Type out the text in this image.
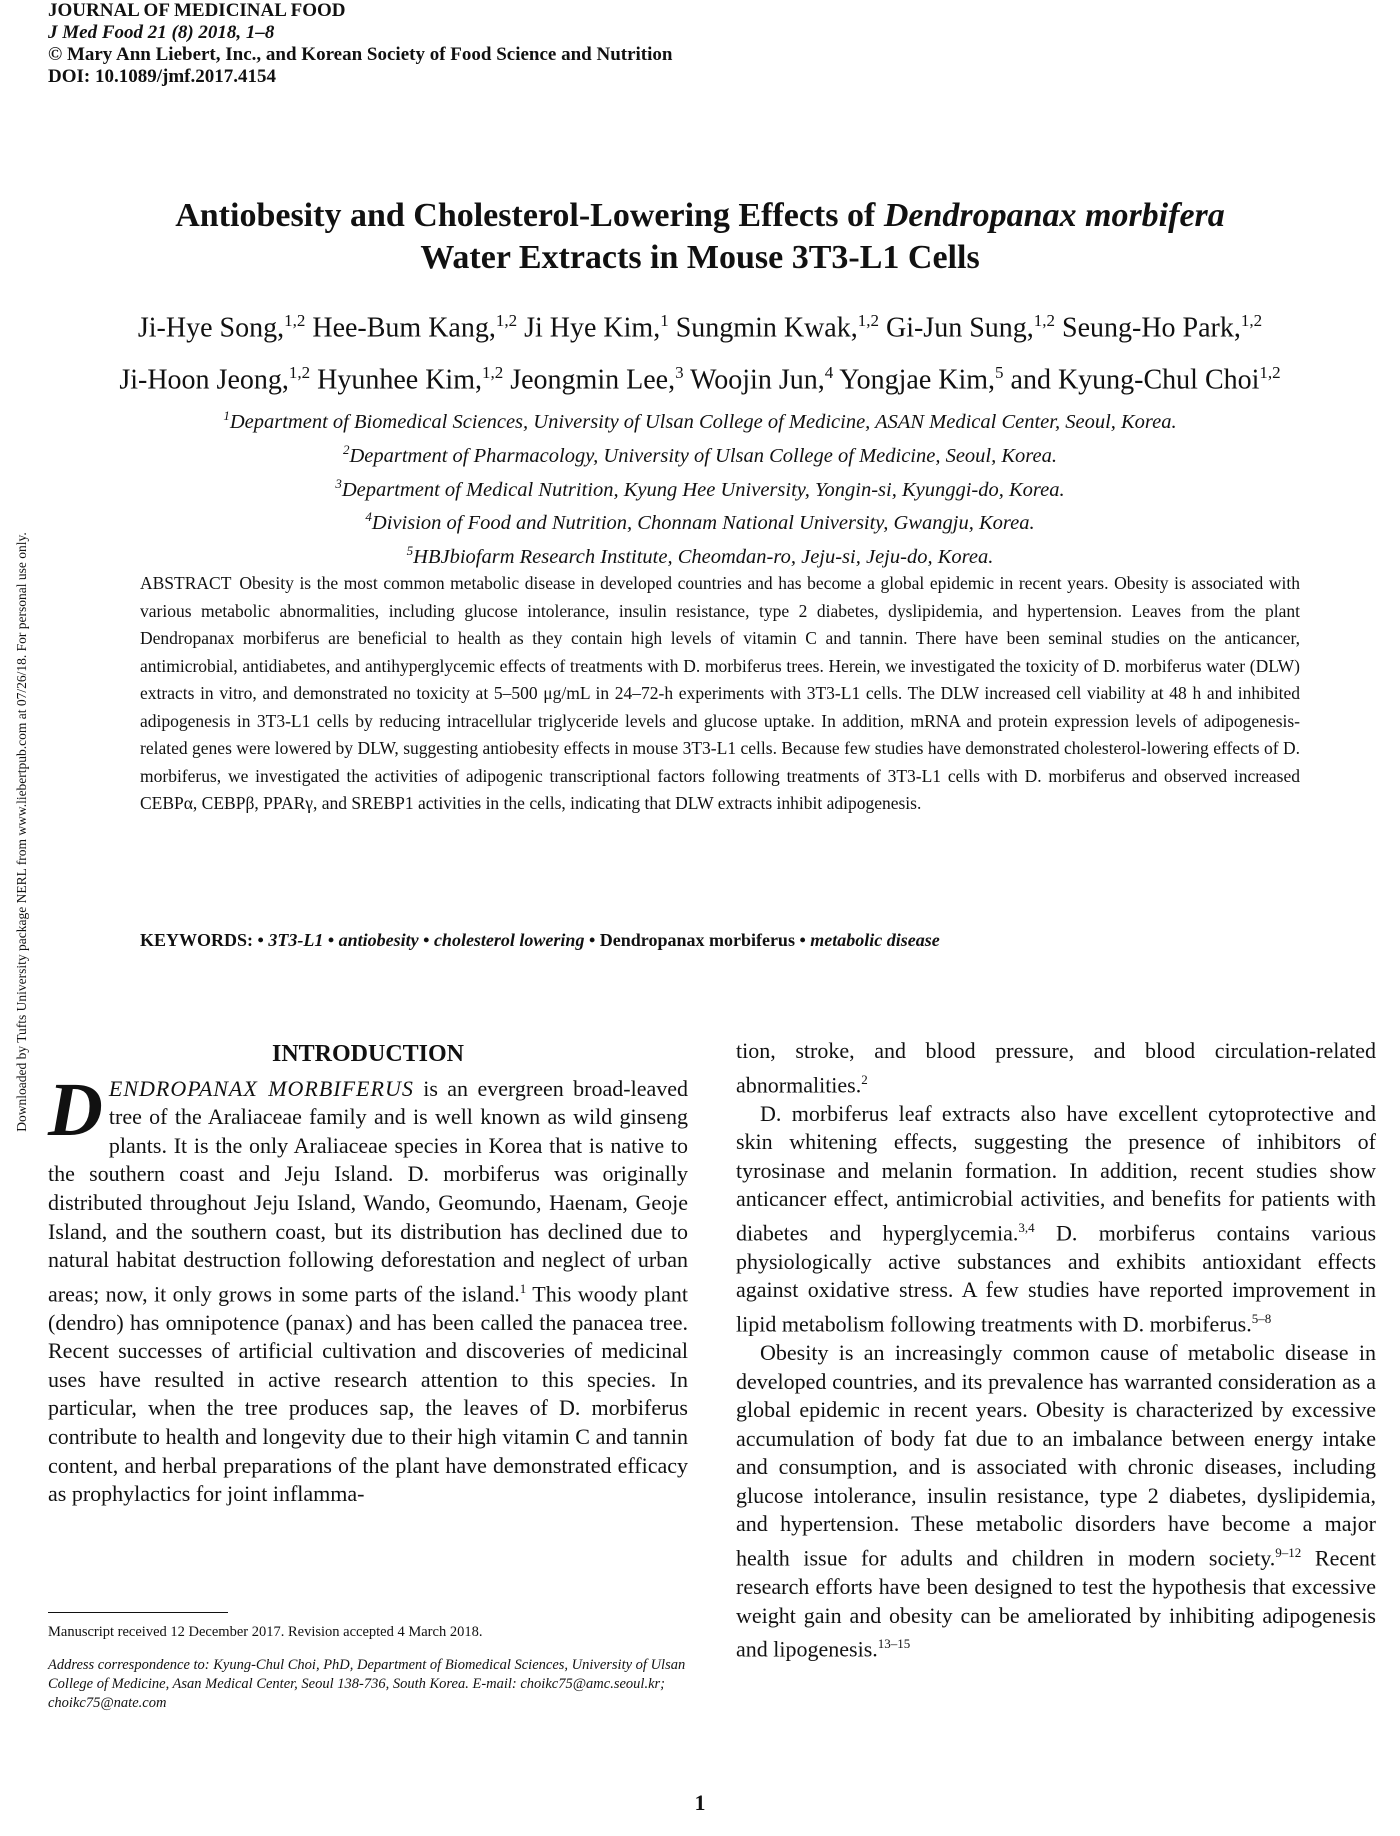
JOURNAL OF MEDICINAL FOOD
J Med Food 21 (8) 2018, 1–8
© Mary Ann Liebert, Inc., and Korean Society of Food Science and Nutrition
DOI: 10.1089/jmf.2017.4154
Downloaded by Tufts University package NERL from www.liebertpub.com at 07/26/18. For personal use only.
Antiobesity and Cholesterol-Lowering Effects of Dendropanax morbifera
Water Extracts in Mouse 3T3-L1 Cells
Ji-Hye Song,$^{1,2}$ Hee-Bum Kang,$^{1,2}$ Ji Hye Kim,$^1$ Sungmin Kwak,$^{1,2}$ Gi-Jun Sung,$^{1,2}$ Seung-Ho Park,$^{1,2}$
Ji-Hoon Jeong,$^{1,2}$ Hyunhee Kim,$^{1,2}$ Jeongmin Lee,$^3$ Woojin Jun,$^4$ Yongjae Kim,$^5$ and Kyung-Chul Choi$^{1,2}$
$^1$Department of Biomedical Sciences, University of Ulsan College of Medicine, ASAN Medical Center, Seoul, Korea.
$^2$Department of Pharmacology, University of Ulsan College of Medicine, Seoul, Korea.
$^3$Department of Medical Nutrition, Kyung Hee University, Yongin-si, Kyunggi-do, Korea.
$^4$Division of Food and Nutrition, Chonnam National University, Gwangju, Korea.
$^5$HBJbiofarm Research Institute, Cheomdan-ro, Jeju-si, Jeju-do, Korea.
ABSTRACT Obesity is the most common metabolic disease in developed countries and has become a global epidemic in recent years. Obesity is associated with various metabolic abnormalities, including glucose intolerance, insulin resistance, type 2 diabetes, dyslipidemia, and hypertension. Leaves from the plant Dendropanax morbiferus are beneficial to health as they contain high levels of vitamin C and tannin. There have been seminal studies on the anticancer, antimicrobial, antidiabetes, and antihyperglycemic effects of treatments with D. morbiferus trees. Herein, we investigated the toxicity of D. morbiferus water (DLW) extracts in vitro, and demonstrated no toxicity at 5–500 μg/mL in 24–72-h experiments with 3T3-L1 cells. The DLW increased cell viability at 48 h and inhibited adipogenesis in 3T3-L1 cells by reducing intracellular triglyceride levels and glucose uptake. In addition, mRNA and protein expression levels of adipogenesis-related genes were lowered by DLW, suggesting antiobesity effects in mouse 3T3-L1 cells. Because few studies have demonstrated cholesterol-lowering effects of D. morbiferus, we investigated the activities of adipogenic transcriptional factors following treatments of 3T3-L1 cells with D. morbiferus and observed increased CEBPα, CEBPβ, PPARγ, and SREBP1 activities in the cells, indicating that DLW extracts inhibit adipogenesis.
KEYWORDS: • 3T3-L1 • antiobesity • cholesterol lowering • Dendropanax morbiferus • metabolic disease
INTRODUCTION

DENDROPANAX MORBIFERUS is an evergreen broad-leaved tree of the Araliaceae family and is well known as wild ginseng plants. It is the only Araliaceae species in Korea that is native to the southern coast and Jeju Island. D. morbiferus was originally distributed throughout Jeju Island, Wando, Geomundo, Haenam, Geoje Island, and the southern coast, but its distribution has declined due to natural habitat destruction following deforestation and neglect of urban areas; now, it only grows in some parts of the island.$^1$ This woody plant (dendro) has omnipotence (panax) and has been called the panacea tree. Recent successes of artificial cultivation and discoveries of medicinal uses have resulted in active research attention to this species. In particular, when the tree produces sap, the leaves of D. morbiferus contribute to health and longevity due to their high vitamin C and tannin content, and herbal preparations of the plant have demonstrated efficacy as prophylactics for joint inflamma-

tion, stroke, and blood pressure, and blood circulation-related abnormalities.$^2$

D. morbiferus leaf extracts also have excellent cytoprotective and skin whitening effects, suggesting the presence of inhibitors of tyrosinase and melanin formation. In addition, recent studies show anticancer effect, antimicrobial activities, and benefits for patients with diabetes and hyperglycemia.$^{3,4}$ D. morbiferus contains various physiologically active substances and exhibits antioxidant effects against oxidative stress. A few studies have reported improvement in lipid metabolism following treatments with D. morbiferus.$^{5-8}$

Obesity is an increasingly common cause of metabolic disease in developed countries, and its prevalence has warranted consideration as a global epidemic in recent years. Obesity is characterized by excessive accumulation of body fat due to an imbalance between energy intake and consumption, and is associated with chronic diseases, including glucose intolerance, insulin resistance, type 2 diabetes, dyslipidemia, and hypertension. These metabolic disorders have become a major health issue for adults and children in modern society.$^{9-12}$ Recent research efforts have been designed to test the hypothesis that excessive weight gain and obesity can be ameliorated by inhibiting adipogenesis and lipogenesis.$^{13-15}$

Manuscript received 12 December 2017. Revision accepted 4 March 2018.
Address correspondence to: Kyung-Chul Choi, PhD, Department of Biomedical Sciences, University of Ulsan College of Medicine, Asan Medical Center, Seoul 138-736, South Korea. E-mail: choikc75@amc.seoul.kr; choikc75@nate.com
1
